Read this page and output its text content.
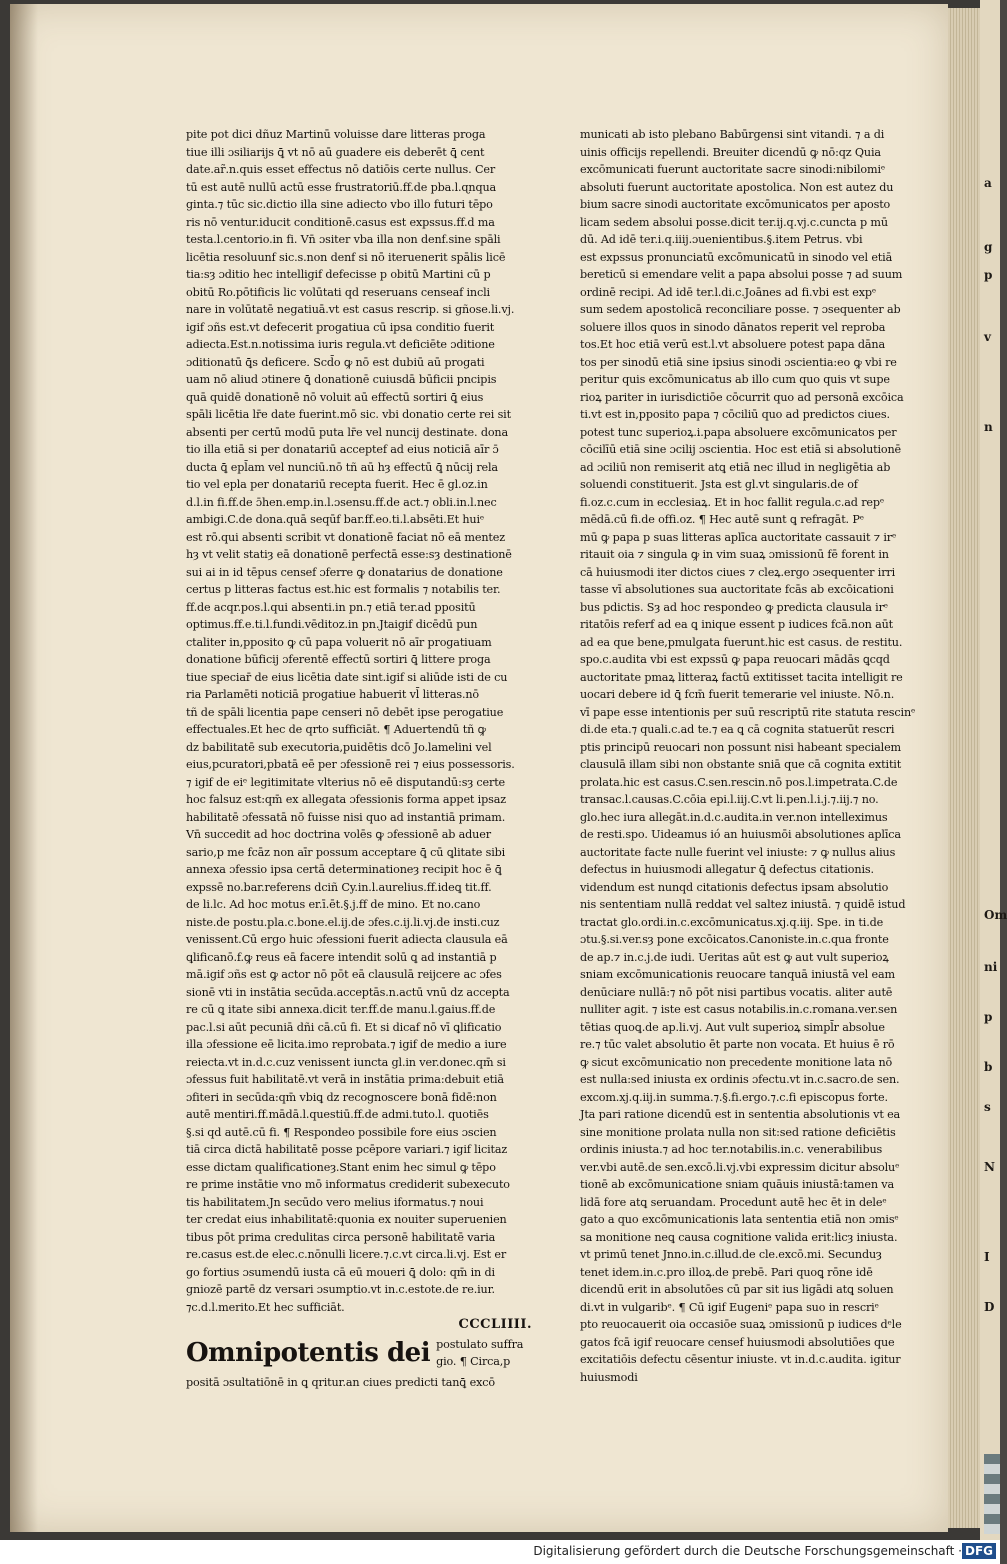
pite pot dici dñuz Martinū voluisse dare litteras proga
tiue illi ɔsiliarijs ꝗ̄ vt nō aū guadere eis deberēt ꝗ̄ cent
date.ar̃.n.quis esset effectus nō datiōis certe nullus. Cer
tū est autē nullū actū esse frustratoriū.ff.de pba.l.ɋnqua
ginta.⁊ tūc sic.dictio illa sine adiecto vbo illo futuri tēpo
ris nō ventur.iducit conditionē.casus est expssus.ff.d ma
testa.l.centorio.in fi. Vn̄ ɔsiter vba illa non denf.sine spāli
licētia resoluunf sic.s.non denf si nō iteruenerit spālis licē
tia:sȝ ɔditio hec intelligif defecisse p obitū Martini cū p
obitū Ro.pōtificis lic volūtati qd reseruans censeaf incli
nare in volūtatē negatiuā.vt est casus rescrip. si gñose.li.vj.
igif ɔñs est.vt defecerit progatiua cū ipsa conditio fuerit
adiecta.Est.n.notissima iuris regula.vt deficiēte ɔditione
ɔditionatū ꝗ̄s deficere. Scd̄o ꝙ nō est dubiū aū progati
uam nō aliud ɔtinere ꝗ̄ donationē cuiusdā būficii pncipis
quā quidē donationē nō voluit aū effectū sortiri ꝗ̄ eius
spāli licētia lr̄e date fuerint.mō sic. vbi donatio certe rei sit
absenti per certū modū puta lr̄e vel nuncij destinate. dona
tio illa etiā si per donatariū acceptef ad eius noticiā aīr ɔ̄
ducta ꝗ̄ epl̄am vel nunciū.nō tñ aū hȝ effectū ꝗ̄ nūcij rela
tio vel epla per donatariū recepta fuerit. Hec ē gl.oz.in
d.l.in fi.ff.de ɔ̄hen.emp.in.l.ɔsensu.ff.de act.⁊ obli.in.l.nec
ambigi.C.de dona.quā seqūf bar.ff.eo.ti.l.absēti.Et huiᵉ
est rō.qui absenti scribit vt donationē faciat nō eā mentez
hȝ vt velit statiȝ eā donationē perfectā esse:sȝ destinationē
sui ai in id tēpus censef ɔferre ꝙ donatarius de donatione
certus p litteras factus est.hic est formalis ⁊ notabilis ter.
ff.de acqr.pos.l.qui absenti.in pn.⁊ etiā ter.ad ppositū
optimus.ff.e.ti.l.fundi.vēditoz.in pn.Jtaigif dicēdū pun
ctaliter in,pposito ꝙ cū papa voluerit nō aīr progatiuam
donatione būficij ɔferentē effectū sortiri ꝗ̄ littere proga
tiue speciar̄ de eius licētia date sint.igif si aliūde isti de cu
ria Parlamēti noticiā progatiue habuerit vl̄ litteras.nō
tñ de spāli licentia pape censeri nō debēt ipse perogatiue
effectuales.Et hec de qrto sufficiāt. ¶ Aduertendū tñ ꝙ
dz babilitatē sub executoria,puidētis dcō Jo.lamelini vel
eius,pcuratori,pbatā eē per ɔfessionē rei ⁊ eius possessoris.
⁊ igif de eiᵉ legitimitate vlterius nō eē disputandū:sȝ certe
hoc falsuz est:qm̄ ex allegata ɔfessionis forma appet ipsaz
habilitatē ɔfessatā nō fuisse nisi quo ad instantiā primam.
Vn̄ succedit ad hoc doctrina volēs ꝙ ɔfessionē ab aduer
sario,p me fcāz non aīr possum acceptare ꝗ̄ cū ꝗlitate sibi
annexa ɔfessio ipsa certā determinationeȝ recipit hoc ē ꝗ̄
expssē no.bar.referens dciñ Cy.in.l.aurelius.ff.ideꝗ tit.ff.
de li.lc. Ad hoc motus er.ī.ēt.§.j.ff de mino. Et no.cano
niste.de postu.pla.c.bone.el.ij.de ɔfes.c.ij.li.vj.de insti.cuz
venissent.Cū ergo huic ɔfessioni fuerit adiecta clausula eā
ꝗlificanō.f.ꝙ reus eā facere intendit solū ꝗ ad instantiā p
mā.igif ɔñs est ꝙ actor nō pōt eā clausulā reijcere ac ɔfes
sionē vti in instātia secūda.acceptās.n.actū vnū dz accepta
re cū ꝗ itate sibi annexa.dicit ter.ff.de manu.l.gaius.ff.de
pac.l.si aūt pecuniā dñi cā.cū fi. Et si dicaf nō vī ꝗlificatio
illa ɔfessione eē licita.imo reprobata.⁊ igif de medio a iure
reiecta.vt in.d.c.cuz venissent iuncta gl.in ver.donec.qm̄ si
ɔfessus fuit habilitatē.vt verā in instātia prima:debuit etiā
ɔfiteri in secūda:qm̄ vbiꝗ dz recognoscere bonā fidē:non
autē mentiri.ff.mādā.l.questiū.ff.de admi.tuto.l. quotiēs
§.si qd autē.cū fi. ¶ Respondeo possibile fore eius ɔscien
tiā circa dictā habilitatē posse pcēpore variari.⁊ igif licitaz
esse dictam qualificationeȝ.Stant enim hec simul ꝙ tēpo
re prime instātie vno mō informatus crediderit subexecuto
tis habilitatem.Jn secūdo vero melius iformatus.⁊ noui
ter credat eius inhabilitatē:quonia ex nouiter superuenien
tibus pōt prima credulitas circa personē habilitatē varia
re.casus est.de elec.c.nōnulli licere.⁊.c.vt circa.li.vj. Est er
go fortius ɔsumendū iusta cā eū moueri ꝗ̄ dolo: qm̄ in di
gniozē partē dz versari ɔsumptio.vt in.c.estote.de re.iur.
⁊c.d.l.merito.Et hec sufficiāt.
CCCLIIII.
Omnipotentis dei postulato suffra
gio. ¶ Circa,p
positā ɔsultatiōnē in ꝗ qritur.an ciues predicti tanꝗ̄ excō
municati ab isto plebano Babūrgensi sint vitandi. ⁊ a di
uinis officijs repellendi. Breuiter dicendū ꝙ nō:qz Quia
excōmunicati fuerunt auctoritate sacre sinodi:nibilomiᵉ
absoluti fuerunt auctoritate apostolica. Non est autez du
bium sacre sinodi auctoritate excōmunicatos per aposto
licam sedem absolui posse.dicit ter.ij.q.vj.c.cuncta p mū
dū. Ad idē ter.i.q.iiij.ɔuenientibus.§.item Petrus. vbi
est expssus pronunciatū excōmunicatū in sinodo vel etiā
bereticū si emendare velit a papa absolui posse ⁊ ad suum
ordinē recipi. Ad idē ter.l.di.c.Joānes ad fi.vbi est expᵉ
sum sedem apostolicā reconciliare posse. ⁊ ɔsequenter ab
soluere illos quos in sinodo dānatos reperit vel reproba
tos.Et hoc etiā verū est.l.vt absoluere potest papa dāna
tos per sinodū etiā sine ipsius sinodi ɔscientia:eo ꝙ vbi re
peritur quis excōmunicatus ab illo cum quo quis vt supe
rioꝝ pariter in iurisdictiōe cōcurrit quo ad personā excōica
ti.vt est in,pposito papa ⁊ cōciliū quo ad predictos ciues.
potest tunc superioꝝ.i.papa absoluere excōmunicatos per
cōcilīū etiā sine ɔcilij ɔscientia. Hoc est etiā si absolutionē
ad ɔciliū non remiserit atꝗ etiā nec illud in negligētia ab
soluendi constituerit. Jsta est gl.vt singularis.de of
fi.oz.c.cum in ecclesiaꝝ. Et in hoc fallit regula.c.ad repᵉ
mēdā.cū fi.de offi.oz. ¶ Hec autē sunt ꝗ refragāt. Pᵉ
mū ꝙ papa p suas litteras aplīca auctoritate cassauit ⁊ irᵉ
ritauit oia ⁊ singula ꝙ in vim suaꝝ ɔmissionū fē forent in
cā huiusmodi iter dictos ciues ⁊ cleꝝ.ergo ɔsequenter irri
tasse vī absolutiones sua auctoritate fcās ab excōicationi
bus pdictis. Sȝ ad hoc respondeo ꝙ predicta clausula irᵉ
ritatōis referf ad ea ꝗ inique essent p iudices fcā.non aūt
ad ea que bene,pmulgata fuerunt.hic est casus. de restitu.
spo.c.audita vbi est expssū ꝙ papa reuocari mādās ꝗcqd
auctoritate pmaꝝ litteraꝝ factū extitisset tacita intelligit re
uocari debere id ꝗ̄ fcm̄ fuerit temerarie vel iniuste. Nō.n.
vī pape esse intentionis per suū rescriptū rite statuta rescinᵉ
di.de eta.⁊ quali.c.ad te.⁊ ea ꝗ cā cognita statuerūt rescri
ptis principū reuocari non possunt nisi habeant specialem
clausulā illam sibi non obstante sniā que cā cognita extitit
prolata.hic est casus.C.sen.rescin.nō pos.l.impetrata.C.de
transac.l.causas.C.cōia epi.l.iij.C.vt li.pen.l.i.j.⁊.iij.⁊ no.
glo.hec iura allegāt.in.d.c.audita.in ver.non intelleximus
de resti.spo. Uideamus ió an huiusmōi absolutiones aplīca
auctoritate facte nulle fuerint vel iniuste: ⁊ ꝙ nullus alius
defectus in huiusmodi allegatur ꝗ̄ defectus citationis.
videndum est nunqd citationis defectus ipsam absolutio
nis sententiam nullā reddat vel saltez iniustā. ⁊ quidē istud
tractat glo.ordi.in.c.excōmunicatus.xj.q.iij. Spe. in ti.de
ɔtu.§.si.ver.sȝ pone excōicatos.Canoniste.in.c.qua fronte
de ap.⁊ in.c.j.de iudi. Ueritas aūt est ꝙ aut vult superioꝝ
sniam excōmunicationis reuocare tanquā iniustā vel eam
denūciare nullā:⁊ nō pōt nisi partibus vocatis. aliter autē
nulliter agit. ⁊ iste est casus notabilis.in.c.romana.ver.sen
tētias quoꝗ.de ap.li.vj. Aut vult superioꝝ simpl̄r absolue
re.⁊ tūc valet absolutio ēt parte non vocata. Et huius ē rō
ꝙ sicut excōmunicatio non precedente monitione lata nō
est nulla:sed iniusta ex ordinis ɔfectu.vt in.c.sacro.de sen.
excom.xj.q.iij.in summa.⁊.§.fi.ergo.⁊.c.fi episcopus forte.
Jta pari ratione dicendū est in sententia absolutionis vt ea
sine monitione prolata nulla non sit:sed ratione deficiētis
ordinis iniusta.⁊ ad hoc ter.notabilis.in.c. venerabilibus
ver.vbi autē.de sen.excō.li.vj.vbi expressim dicitur absoluᵉ
tionē ab excōmunicatione sniam quāuis iniustā:tamen va
lidā fore atꝗ seruandam. Procedunt autē hec ēt in deleᵉ
gato a quo excōmunicationis lata sententia etiā non ɔmisᵉ
sa monitione neꝗ causa cognitione valida erit:licȝ iniusta.
vt primū tenet Jnno.in.c.illud.de cle.excō.mi. Secunduȝ
tenet idem.in.c.pro illoꝝ.de prebē. Pari quoꝗ rōne idē
dicendū erit in absolutōes cū par sit ius ligādi atꝗ soluen
di.vt in vulgaribᵉ. ¶ Cū igif Eugeniᵉ papa suo in rescriᵉ
pto reuocauerit oia occasiōe suaꝝ ɔmissionū p iudices dᵉle
gatos fcā igif reuocare censef huiusmodi absolutiōes que
excitatiōis defectu cēsentur iniuste. vt in.d.c.audita. igitur
huiusmodi
a
g
p
v
n
Om
ni
p
b
s
N
I
D
Digitalisierung gefördert durch die Deutsche Forschungsgemeinschaft · DFG
